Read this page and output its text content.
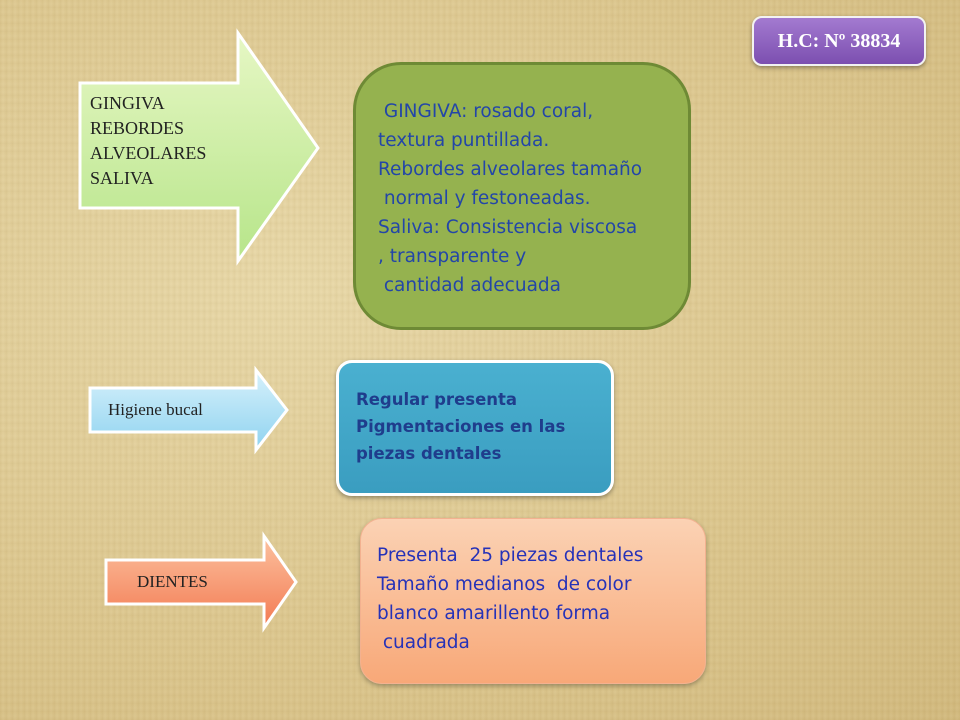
H.C: Nº 38834
GINGIVA
REBORDES
ALVEOLARES
SALIVA
GINGIVA: rosado coral,
textura puntillada.
Rebordes alveolares tamaño
normal y festoneadas.
Saliva: Consistencia viscosa
, transparente y
cantidad adecuada
Higiene bucal
Regular presenta
Pigmentaciones en las
piezas dentales
DIENTES
Presenta  25 piezas dentales
Tamaño medianos  de color
blanco amarillento forma
cuadrada
